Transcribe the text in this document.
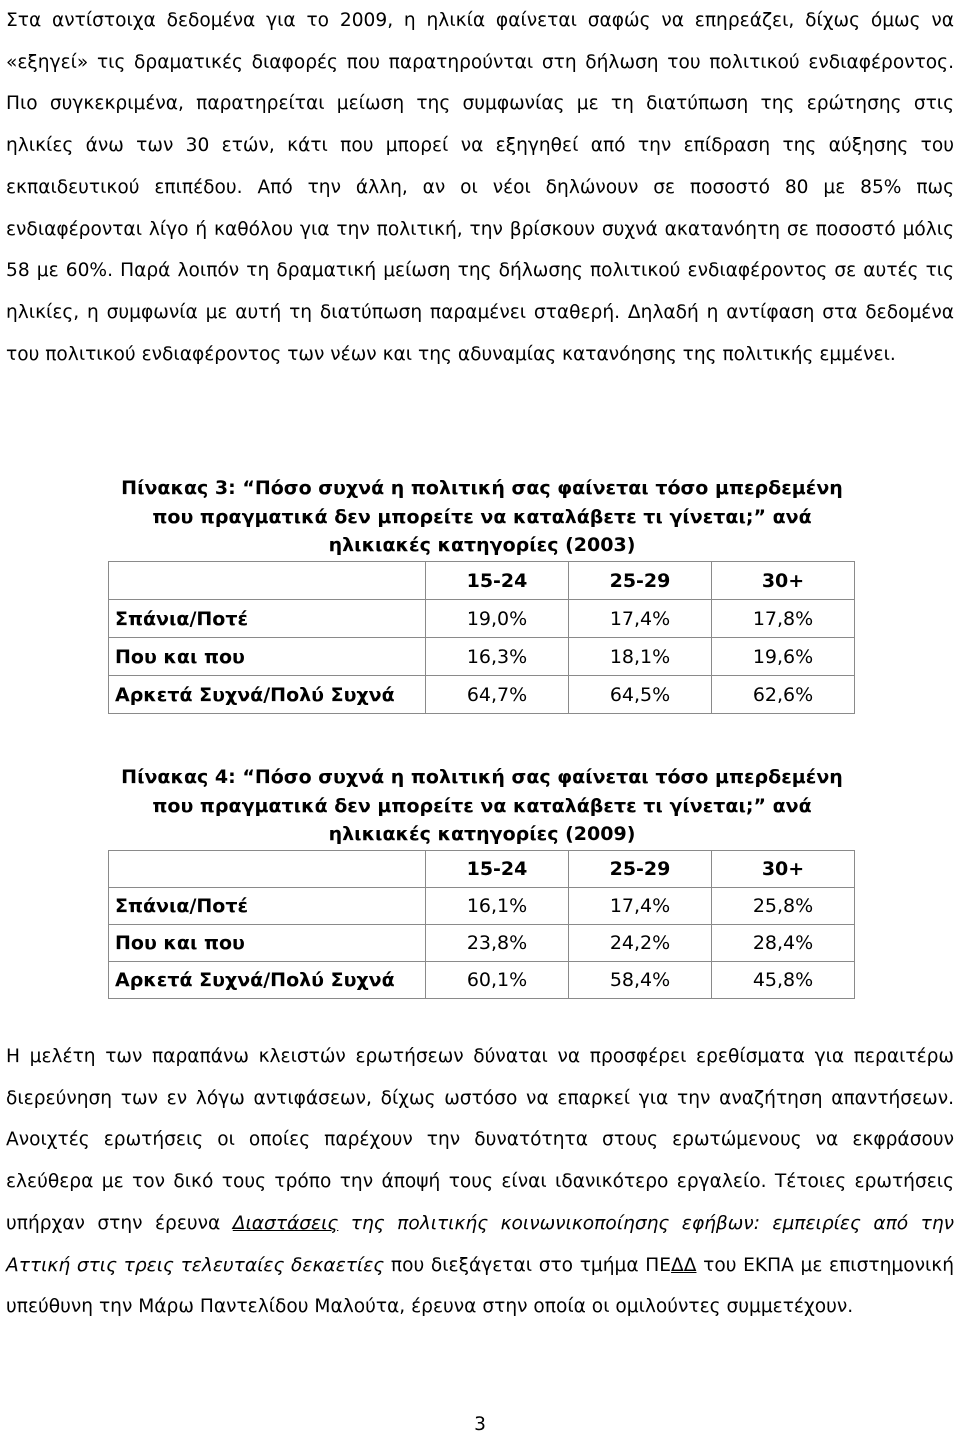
Στα αντίστοιχα δεδομένα για το 2009, η ηλικία φαίνεται σαφώς να επηρεάζει, δίχως όμως να «εξηγεί» τις δραματικές διαφορές που παρατηρούνται στη δήλωση του πολιτικού ενδιαφέροντος. Πιο συγκεκριμένα, παρατηρείται μείωση της συμφωνίας με τη διατύπωση της ερώτησης στις ηλικίες άνω των 30 ετών, κάτι που μπορεί να εξηγηθεί από την επίδραση της αύξησης του εκπαιδευτικού επιπέδου. Από την άλλη, αν οι νέοι δηλώνουν σε ποσοστό 80 με 85% πως ενδιαφέρονται λίγο ή καθόλου για την πολιτική, την βρίσκουν συχνά ακατανόητη σε ποσοστό μόλις 58 με 60%. Παρά λοιπόν τη δραματική μείωση της δήλωσης πολιτικού ενδιαφέροντος σε αυτές τις ηλικίες, η συμφωνία με αυτή τη διατύπωση παραμένει σταθερή. Δηλαδή η αντίφαση στα δεδομένα του πολιτικού ενδιαφέροντος των νέων και της αδυναμίας κατανόησης της πολιτικής εμμένει.

Πίνακας 3: “Πόσο συχνά η πολιτική σας φαίνεται τόσο μπερδεμένη που πραγματικά δεν μπορείτε να καταλάβετε τι γίνεται;” ανά ηλικιακές κατηγορίες (2003)

	15-24	25-29	30+
Σπάνια/Ποτέ	19,0%	17,4%	17,8%
Που και που	16,3%	18,1%	19,6%
Αρκετά Συχνά/Πολύ Συχνά	64,7%	64,5%	62,6%

Πίνακας 4: “Πόσο συχνά η πολιτική σας φαίνεται τόσο μπερδεμένη που πραγματικά δεν μπορείτε να καταλάβετε τι γίνεται;” ανά ηλικιακές κατηγορίες (2009)

	15-24	25-29	30+
Σπάνια/Ποτέ	16,1%	17,4%	25,8%
Που και που	23,8%	24,2%	28,4%
Αρκετά Συχνά/Πολύ Συχνά	60,1%	58,4%	45,8%

Η μελέτη των παραπάνω κλειστών ερωτήσεων δύναται να προσφέρει ερεθίσματα για περαιτέρω διερεύνηση των εν λόγω αντιφάσεων, δίχως ωστόσο να επαρκεί για την αναζήτηση απαντήσεων. Ανοιχτές ερωτήσεις οι οποίες παρέχουν την δυνατότητα στους ερωτώμενους να εκφράσουν ελεύθερα με τον δικό τους τρόπο την άποψή τους είναι ιδανικότερο εργαλείο. Τέτοιες ερωτήσεις υπήρχαν στην έρευνα Διαστάσεις της πολιτικής κοινωνικοποίησης εφήβων: εμπειρίες από την Αττική στις τρεις τελευταίες δεκαετίες που διεξάγεται στο τμήμα ΠΕΔΔ του ΕΚΠΑ με επιστημονική υπεύθυνη την Μάρω Παντελίδου Μαλούτα, έρευνα στην οποία οι ομιλούντες συμμετέχουν.

3
